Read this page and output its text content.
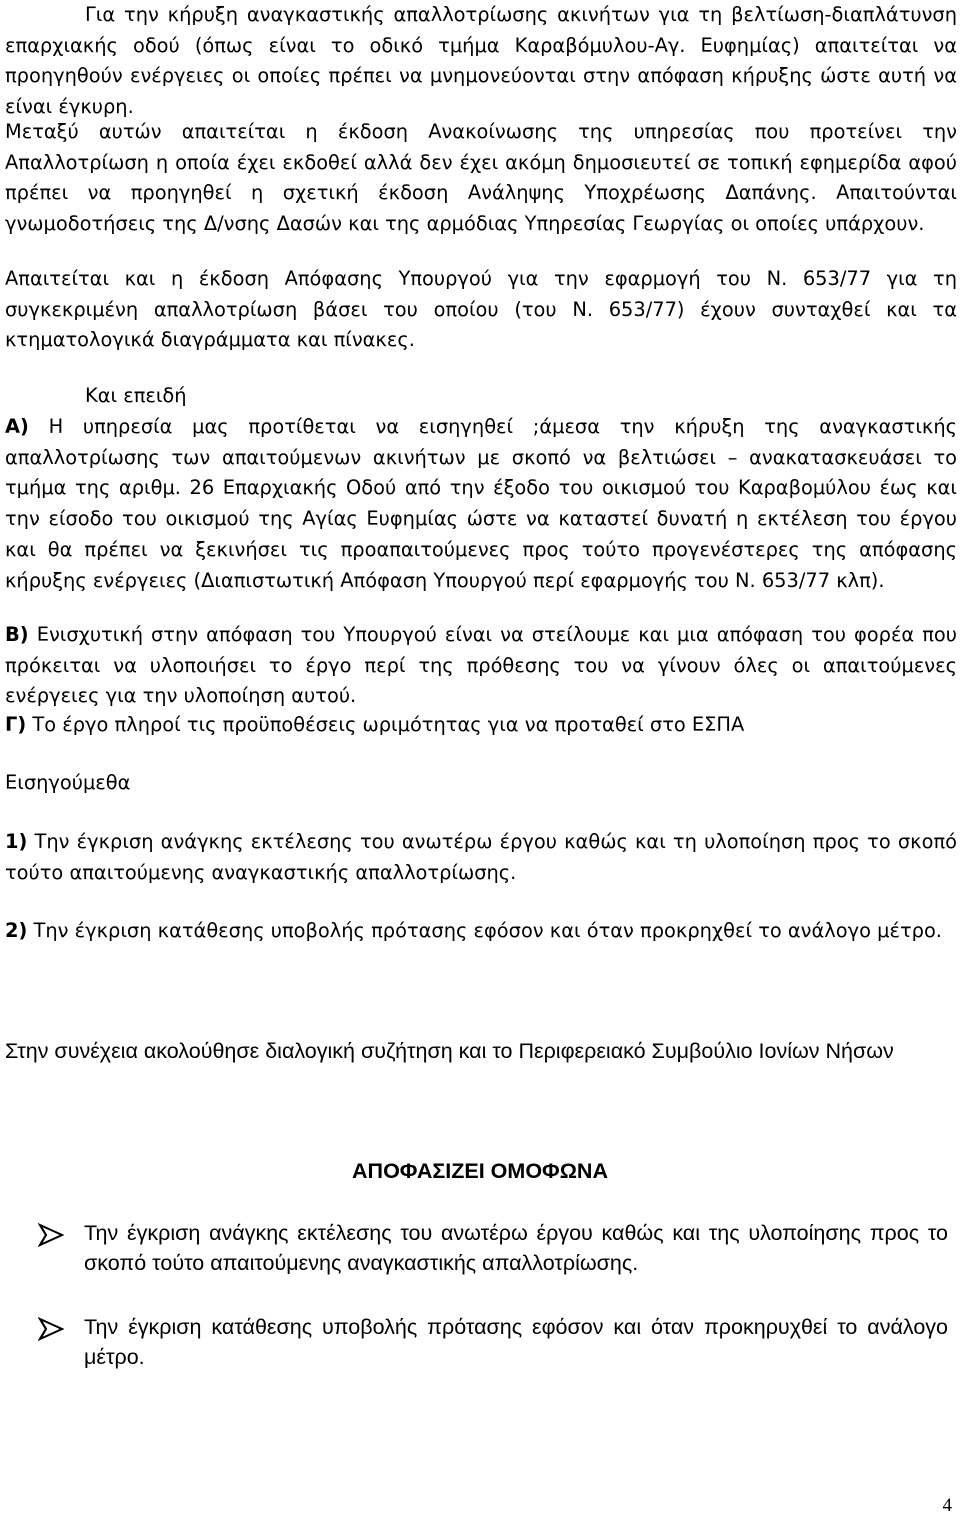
Για την κήρυξη αναγκαστικής απαλλοτρίωσης ακινήτων για τη βελτίωση-διαπλάτυνση επαρχιακής οδού (όπως είναι το οδικό τμήμα Καραβόμυλου-Αγ. Ευφημίας) απαιτείται να προηγηθούν ενέργειες οι οποίες πρέπει να μνημονεύονται στην απόφαση κήρυξης ώστε αυτή να είναι έγκυρη.

Μεταξύ αυτών απαιτείται η έκδοση Ανακοίνωσης της υπηρεσίας που προτείνει την Απαλλοτρίωση η οποία έχει εκδοθεί αλλά δεν έχει ακόμη δημοσιευτεί σε τοπική εφημερίδα αφού πρέπει να προηγηθεί η σχετική έκδοση Ανάληψης Υποχρέωσης Δαπάνης. Απαιτούνται γνωμοδοτήσεις της Δ/νσης Δασών και της αρμόδιας Υπηρεσίας Γεωργίας οι οποίες υπάρχουν.

Απαιτείται και η έκδοση Απόφασης Υπουργού για την εφαρμογή του Ν. 653/77 για τη συγκεκριμένη απαλλοτρίωση βάσει του οποίου (του Ν. 653/77) έχουν συνταχθεί και τα κτηματολογικά διαγράμματα και πίνακες.

Και επειδή

Α) Η υπηρεσία μας προτίθεται να εισηγηθεί ;άμεσα την κήρυξη της αναγκαστικής απαλλοτρίωσης των απαιτούμενων ακινήτων με σκοπό να βελτιώσει – ανακατασκευάσει το τμήμα της αριθμ. 26 Επαρχιακής Οδού από την έξοδο του οικισμού του Καραβομύλου έως και την είσοδο του οικισμού της Αγίας Ευφημίας ώστε να καταστεί δυνατή η εκτέλεση του έργου και θα πρέπει να ξεκινήσει τις προαπαιτούμενες προς τούτο προγενέστερες της απόφασης κήρυξης ενέργειες (Διαπιστωτική Απόφαση Υπουργού περί εφαρμογής του Ν. 653/77 κλπ).

Β) Ενισχυτική στην απόφαση του Υπουργού είναι να στείλουμε και μια απόφαση του φορέα που πρόκειται να υλοποιήσει το έργο περί της πρόθεσης του να γίνουν όλες οι απαιτούμενες ενέργειες για την υλοποίηση αυτού.

Γ) Το έργο πληροί τις προϋποθέσεις ωριμότητας για να προταθεί στο ΕΣΠΑ

Εισηγούμεθα

1) Την έγκριση ανάγκης εκτέλεσης του ανωτέρω έργου καθώς και τη υλοποίηση προς το σκοπό τούτο απαιτούμενης αναγκαστικής απαλλοτρίωσης.

2) Την έγκριση κατάθεσης υποβολής πρότασης εφόσον και όταν προκρηχθεί το ανάλογο μέτρο.

Στην συνέχεια ακολούθησε διαλογική συζήτηση και το Περιφερειακό Συμβούλιο Ιονίων Νήσων

ΑΠΟΦΑΣΙΖΕΙ ΟΜΟΦΩΝΑ

Την έγκριση ανάγκης εκτέλεσης του ανωτέρω έργου καθώς και της υλοποίησης προς το σκοπό τούτο απαιτούμενης αναγκαστικής απαλλοτρίωσης.

Την έγκριση κατάθεσης υποβολής πρότασης εφόσον και όταν προκηρυχθεί το ανάλογο μέτρο.

4
